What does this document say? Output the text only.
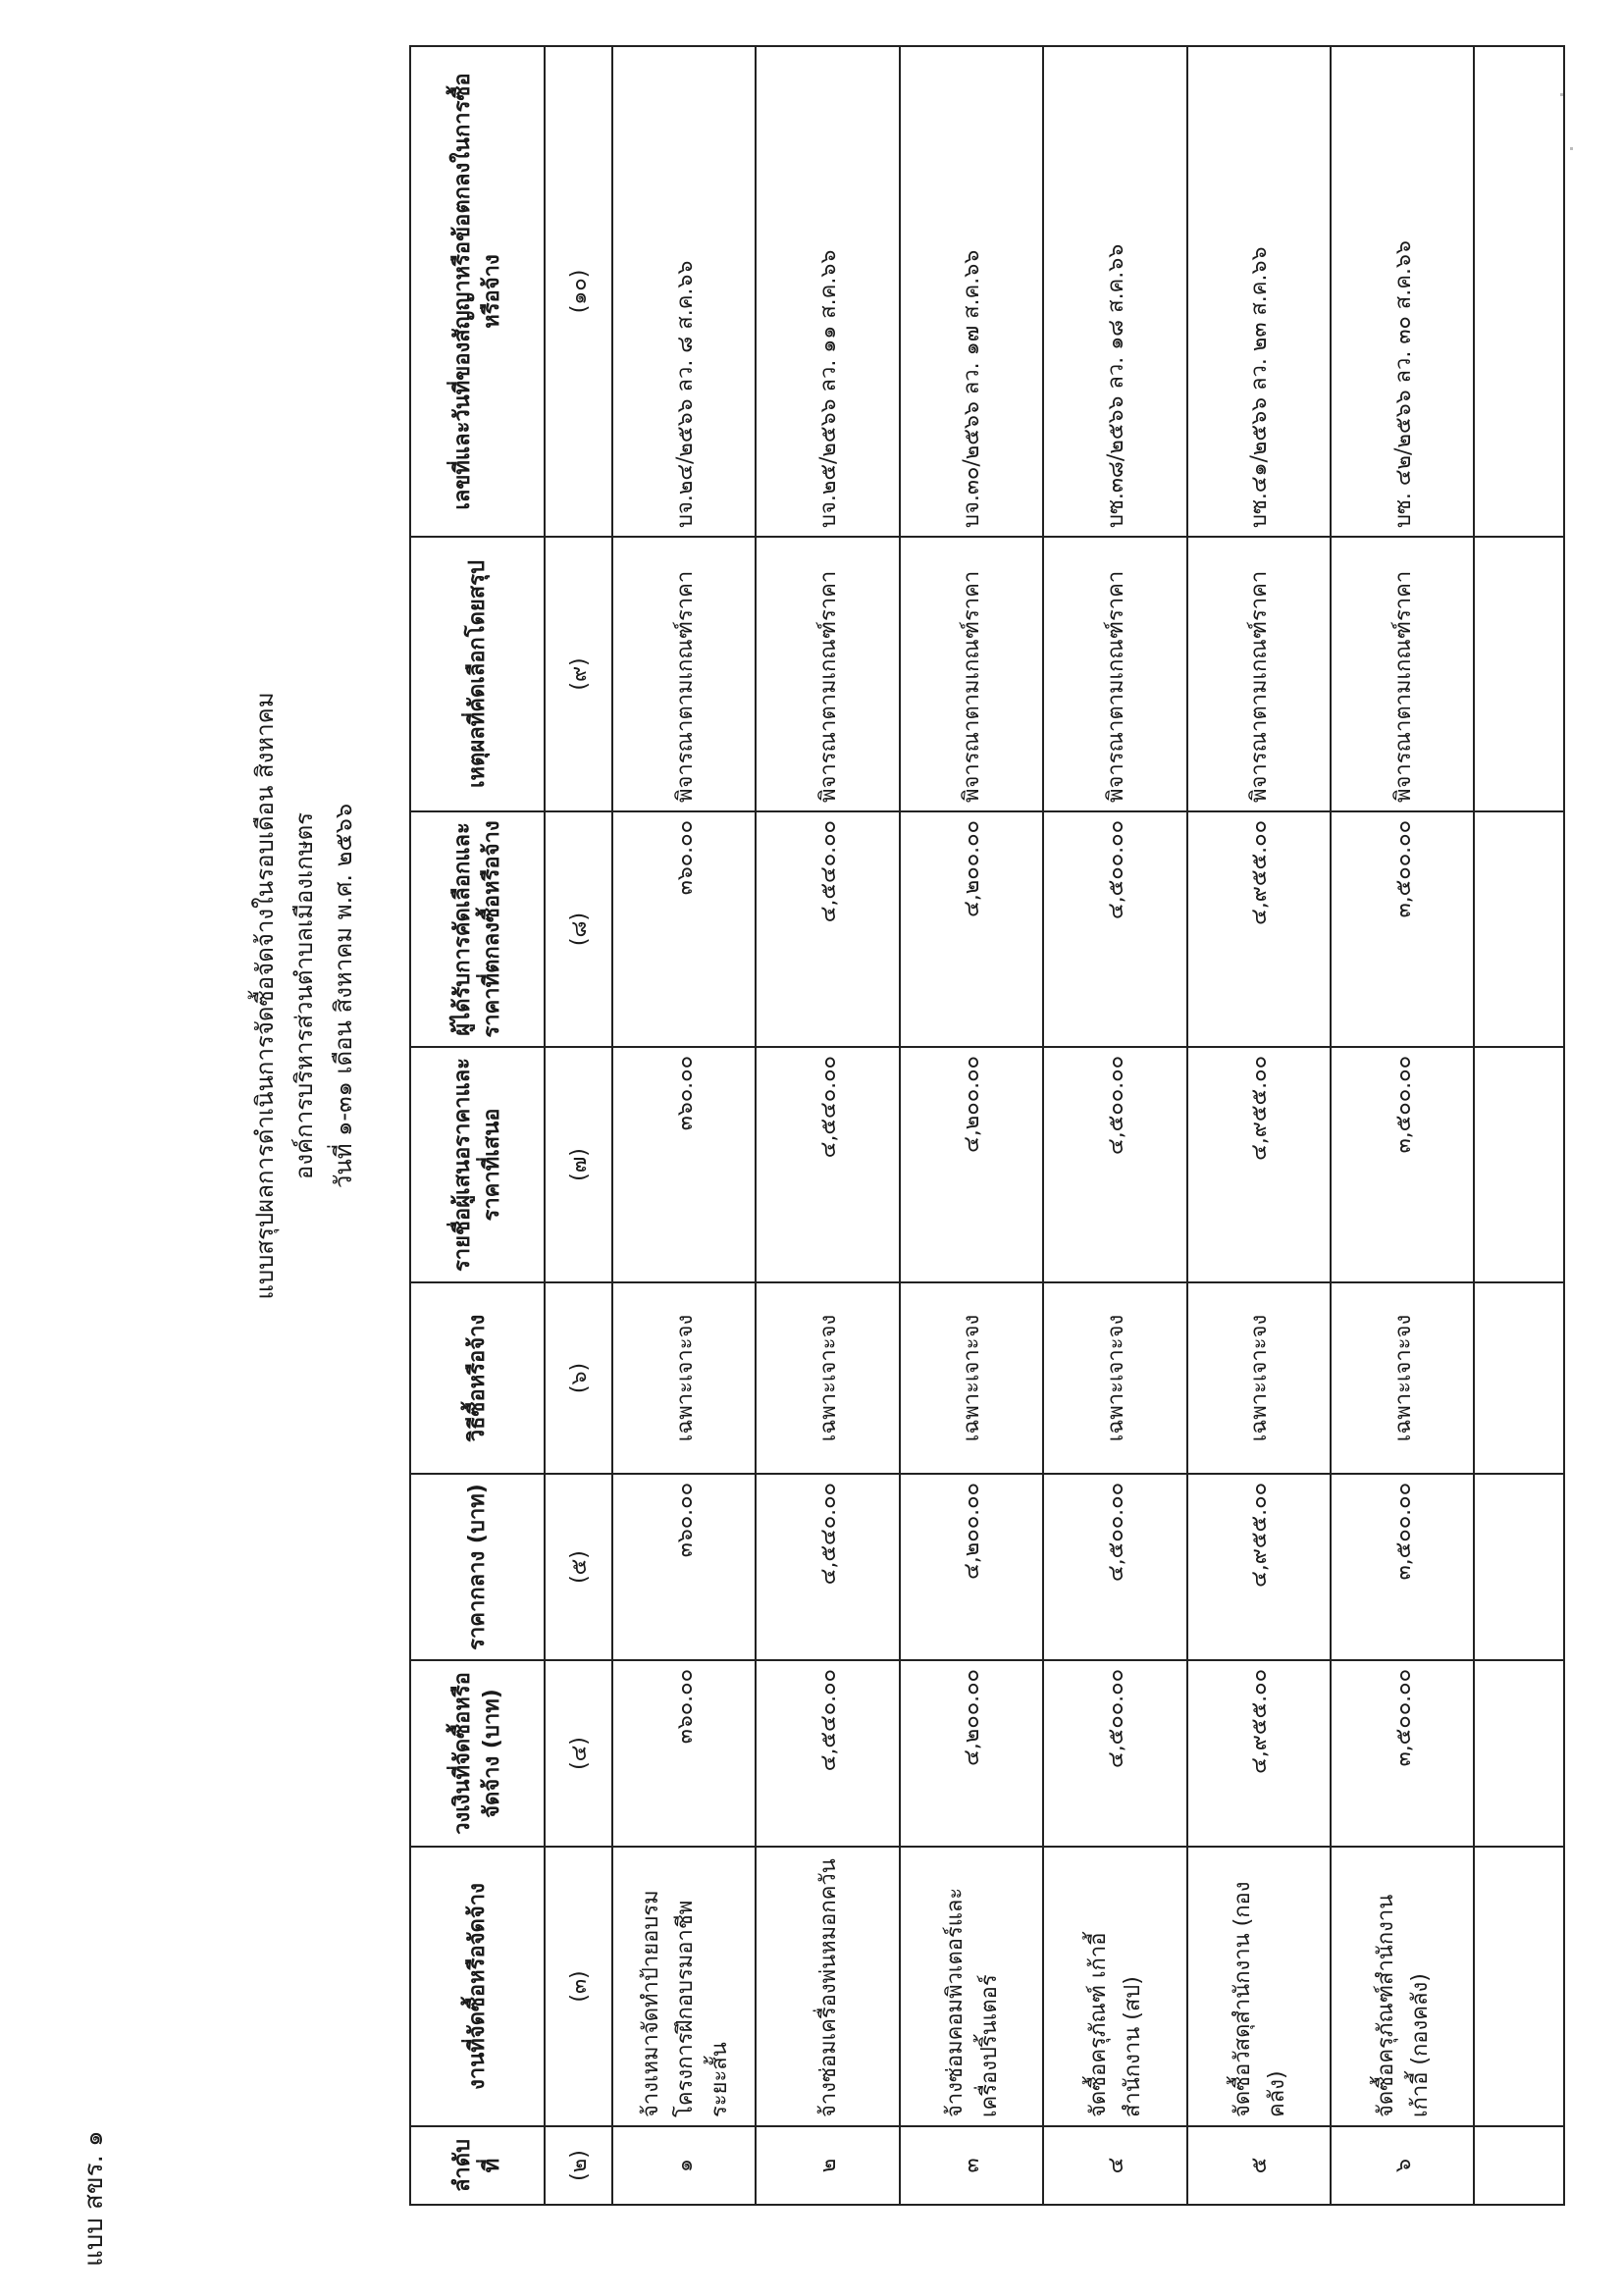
แบบ สขร. ๑
แบบสรุปผลการดำเนินการจัดซื้อจัดจ้างในรอบเดือน สิงหาคม องค์การบริหารส่วนตำบลเมืองเกษตร วันที่ ๑-๓๑ เดือน สิงหาคม พ.ศ. ๒๕๖๖
ลำดับที่	งานที่จัดซื้อหรือจัดจ้าง	วงเงินที่จัดซื้อหรือจัดจ้าง (บาท)	ราคากลาง (บาท)	วิธีซื้อหรือจ้าง	รายชื่อผู้เสนอราคาและราคาที่เสนอ	ผู้ได้รับการคัดเลือกและราคาที่ตกลงซื้อหรือจ้าง	เหตุผลที่คัดเลือกโดยสรุป	เลขที่และวันที่ของสัญญาหรือข้อตกลงในการซื้อหรือจ้าง
(๒)	(๓)	(๔)	(๕)	(๖)	(๗)	(๘)	(๙)	(๑๐)
๑	จ้างเหมาจัดทำป้ายอบรมโครงการฝึกอบรมอาชีพระยะสั้น	๓๖๐.๐๐	๓๖๐.๐๐	เฉพาะเจาะจง	๓๖๐.๐๐	๓๖๐.๐๐	พิจารณาตามเกณฑ์ราคา	บจ.๒๔/๒๕๖๖ ลว. ๘ ส.ค.๖๖
๒	จ้างซ่อมเครื่องพ่นหมอกควัน	๔,๕๔๐.๐๐	๔,๕๔๐.๐๐	เฉพาะเจาะจง	๔,๕๔๐.๐๐	๔,๕๔๐.๐๐	พิจารณาตามเกณฑ์ราคา	บจ.๒๕/๒๕๖๖ ลว. ๑๑ ส.ค.๖๖
๓	จ้างซ่อมคอมพิวเตอร์และเครื่องปริ้นเตอร์	๔,๒๐๐.๐๐	๔,๒๐๐.๐๐	เฉพาะเจาะจง	๔,๒๐๐.๐๐	๔,๒๐๐.๐๐	พิจารณาตามเกณฑ์ราคา	บจ.๓๐/๒๕๖๖ ลว. ๑๗ ส.ค.๖๖
๔	จัดซื้อครุภัณฑ์ เก้าอี้สำนักงาน (สป)	๔,๕๐๐.๐๐	๔,๕๐๐.๐๐	เฉพาะเจาะจง	๔,๕๐๐.๐๐	๔,๕๐๐.๐๐	พิจารณาตามเกณฑ์ราคา	บซ.๓๘/๒๕๖๖ ลว. ๑๘ ส.ค.๖๖
๕	จัดซื้อวัสดุสำนักงาน (กองคลัง)	๔,๙๕๕.๐๐	๔,๙๕๕.๐๐	เฉพาะเจาะจง	๔,๙๕๕.๐๐	๔,๙๕๕.๐๐	พิจารณาตามเกณฑ์ราคา	บซ.๔๑/๒๕๖๖ ลว. ๒๓ ส.ค.๖๖
๖	จัดซื้อครุภัณฑ์สำนักงาน เก้าอี้ (กองคลัง)	๓,๕๐๐.๐๐	๓,๕๐๐.๐๐	เฉพาะเจาะจง	๓,๕๐๐.๐๐	๓,๕๐๐.๐๐	พิจารณาตามเกณฑ์ราคา	บซ. ๔๒/๒๕๖๖ ลว. ๓๐ ส.ค.๖๖
